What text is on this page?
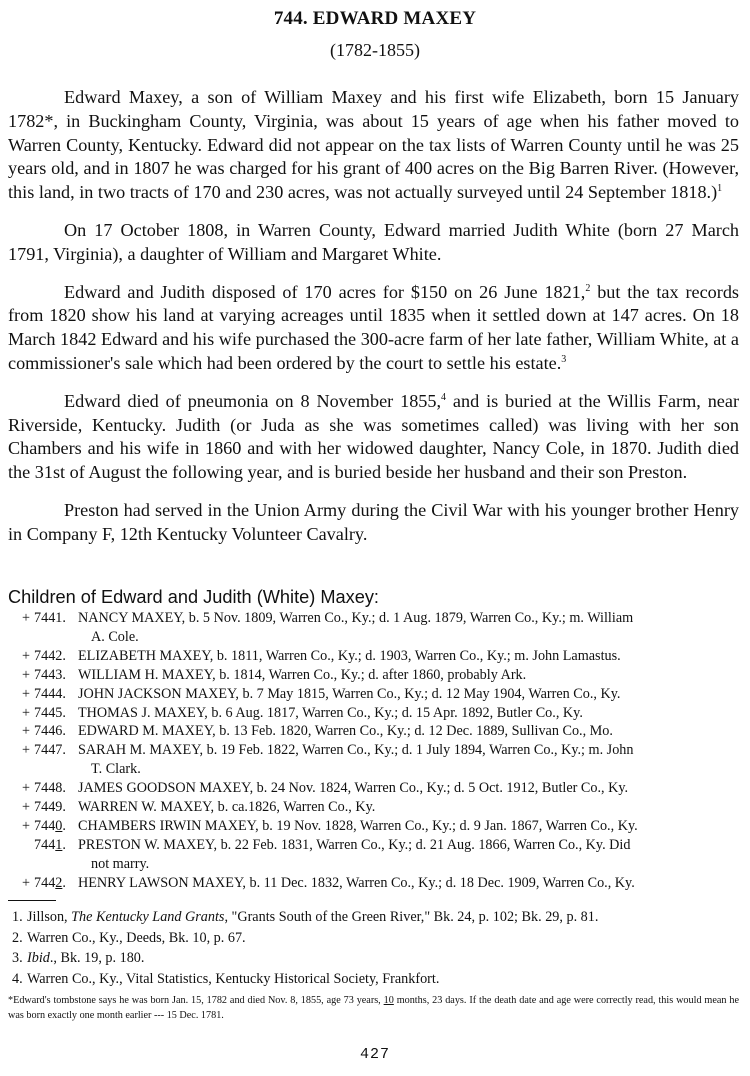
744. EDWARD MAXEY
(1782-1855)

Edward Maxey, a son of William Maxey and his first wife Elizabeth, born 15 January 1782*, in Buckingham County, Virginia, was about 15 years of age when his father moved to Warren County, Kentucky. Edward did not appear on the tax lists of Warren County until he was 25 years old, and in 1807 he was charged for his grant of 400 acres on the Big Barren River. (However, this land, in two tracts of 170 and 230 acres, was not actually surveyed until 24 September 1818.)$^1$

On 17 October 1808, in Warren County, Edward married Judith White (born 27 March 1791, Virginia), a daughter of William and Margaret White.

Edward and Judith disposed of 170 acres for $150 on 26 June 1821,$^2$ but the tax records from 1820 show his land at varying acreages until 1835 when it settled down at 147 acres. On 18 March 1842 Edward and his wife purchased the 300-acre farm of her late father, William White, at a commissioner's sale which had been ordered by the court to settle his estate.$^3$

Edward died of pneumonia on 8 November 1855,$^4$ and is buried at the Willis Farm, near Riverside, Kentucky. Judith (or Juda as she was sometimes called) was living with her son Chambers and his wife in 1860 and with her widowed daughter, Nancy Cole, in 1870. Judith died the 31st of August the following year, and is buried beside her husband and their son Preston.

Preston had served in the Union Army during the Civil War with his younger brother Henry in Company F, 12th Kentucky Volunteer Cavalry.

Children of Edward and Judith (White) Maxey:
+ 7441. NANCY MAXEY, b. 5 Nov. 1809, Warren Co., Ky.; d. 1 Aug. 1879, Warren Co., Ky.; m. William
A. Cole.
+ 7442. ELIZABETH MAXEY, b. 1811, Warren Co., Ky.; d. 1903, Warren Co., Ky.; m. John Lamastus.
+ 7443. WILLIAM H. MAXEY, b. 1814, Warren Co., Ky.; d. after 1860, probably Ark.
+ 7444. JOHN JACKSON MAXEY, b. 7 May 1815, Warren Co., Ky.; d. 12 May 1904, Warren Co., Ky.
+ 7445. THOMAS J. MAXEY, b. 6 Aug. 1817, Warren Co., Ky.; d. 15 Apr. 1892, Butler Co., Ky.
+ 7446. EDWARD M. MAXEY, b. 13 Feb. 1820, Warren Co., Ky.; d. 12 Dec. 1889, Sullivan Co., Mo.
+ 7447. SARAH M. MAXEY, b. 19 Feb. 1822, Warren Co., Ky.; d. 1 July 1894, Warren Co., Ky.; m. John
T. Clark.
+ 7448. JAMES GOODSON MAXEY, b. 24 Nov. 1824, Warren Co., Ky.; d. 5 Oct. 1912, Butler Co., Ky.
+ 7449. WARREN W. MAXEY, b. ca.1826, Warren Co., Ky.
+ 7440. CHAMBERS IRWIN MAXEY, b. 19 Nov. 1828, Warren Co., Ky.; d. 9 Jan. 1867, Warren Co., Ky.
7441. PRESTON W. MAXEY, b. 22 Feb. 1831, Warren Co., Ky.; d. 21 Aug. 1866, Warren Co., Ky. Did
not marry.
+ 7442. HENRY LAWSON MAXEY, b. 11 Dec. 1832, Warren Co., Ky.; d. 18 Dec. 1909, Warren Co., Ky.
1. Jillson, The Kentucky Land Grants, "Grants South of the Green River," Bk. 24, p. 102; Bk. 29, p. 81.
2. Warren Co., Ky., Deeds, Bk. 10, p. 67.
3. Ibid., Bk. 19, p. 180.
4. Warren Co., Ky., Vital Statistics, Kentucky Historical Society, Frankfort.
*Edward's tombstone says he was born Jan. 15, 1782 and died Nov. 8, 1855, age 73 years, 10 months, 23 days. If the death date and age were correctly read, this would mean he was born exactly one month earlier --- 15 Dec. 1781.
427
